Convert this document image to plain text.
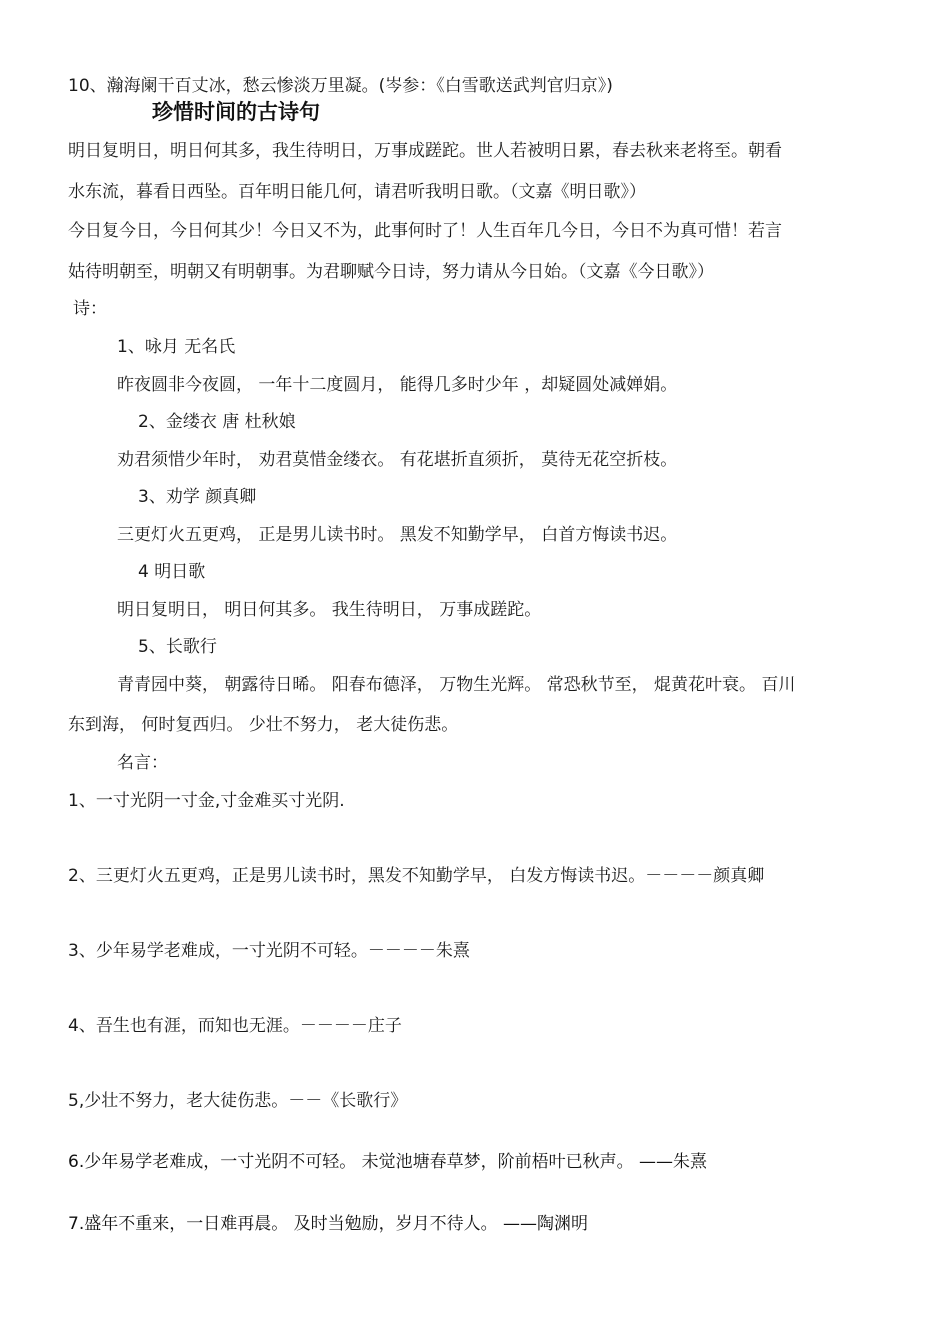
10、瀚海阑干百丈冰，愁云惨淡万里凝。(岑参：《白雪歌送武判官归京》)
珍惜时间的古诗句
明日复明日，明日何其多，我生待明日，万事成蹉跎。世人若被明日累，春去秋来老将至。朝看
水东流，暮看日西坠。百年明日能几何，请君听我明日歌。（文嘉《明日歌》）
今日复今日，今日何其少！今日又不为，此事何时了！人生百年几今日，今日不为真可惜！若言
姑待明朝至，明朝又有明朝事。为君聊赋今日诗，努力请从今日始。（文嘉《今日歌》）
诗：
1、咏月 无名氏
昨夜圆非今夜圆， 一年十二度圆月， 能得几多时少年 ，却疑圆处减婵娟。
2、金缕衣 唐 杜秋娘
劝君须惜少年时， 劝君莫惜金缕衣。 有花堪折直须折， 莫待无花空折枝。
3、劝学 颜真卿
三更灯火五更鸡， 正是男儿读书时。 黑发不知勤学早， 白首方悔读书迟。
4 明日歌
明日复明日， 明日何其多。 我生待明日， 万事成蹉跎。
5、长歌行
青青园中葵， 朝露待日晞。 阳春布德泽， 万物生光辉。 常恐秋节至， 焜黄花叶衰。 百川
东到海， 何时复西归。 少壮不努力， 老大徒伤悲。
名言：
1、一寸光阴一寸金,寸金难买寸光阴.
2、三更灯火五更鸡，正是男儿读书时，黑发不知勤学早， 白发方悔读书迟。－－－－颜真卿
3、少年易学老难成，一寸光阴不可轻。－－－－朱熹
4、吾生也有涯，而知也无涯。－－－－庄子
5,少壮不努力，老大徒伤悲。－－《长歌行》
6.少年易学老难成，一寸光阴不可轻。 未觉池塘春草梦，阶前梧叶已秋声。 ——朱熹
7.盛年不重来，一日难再晨。 及时当勉励，岁月不待人。 ——陶渊明
